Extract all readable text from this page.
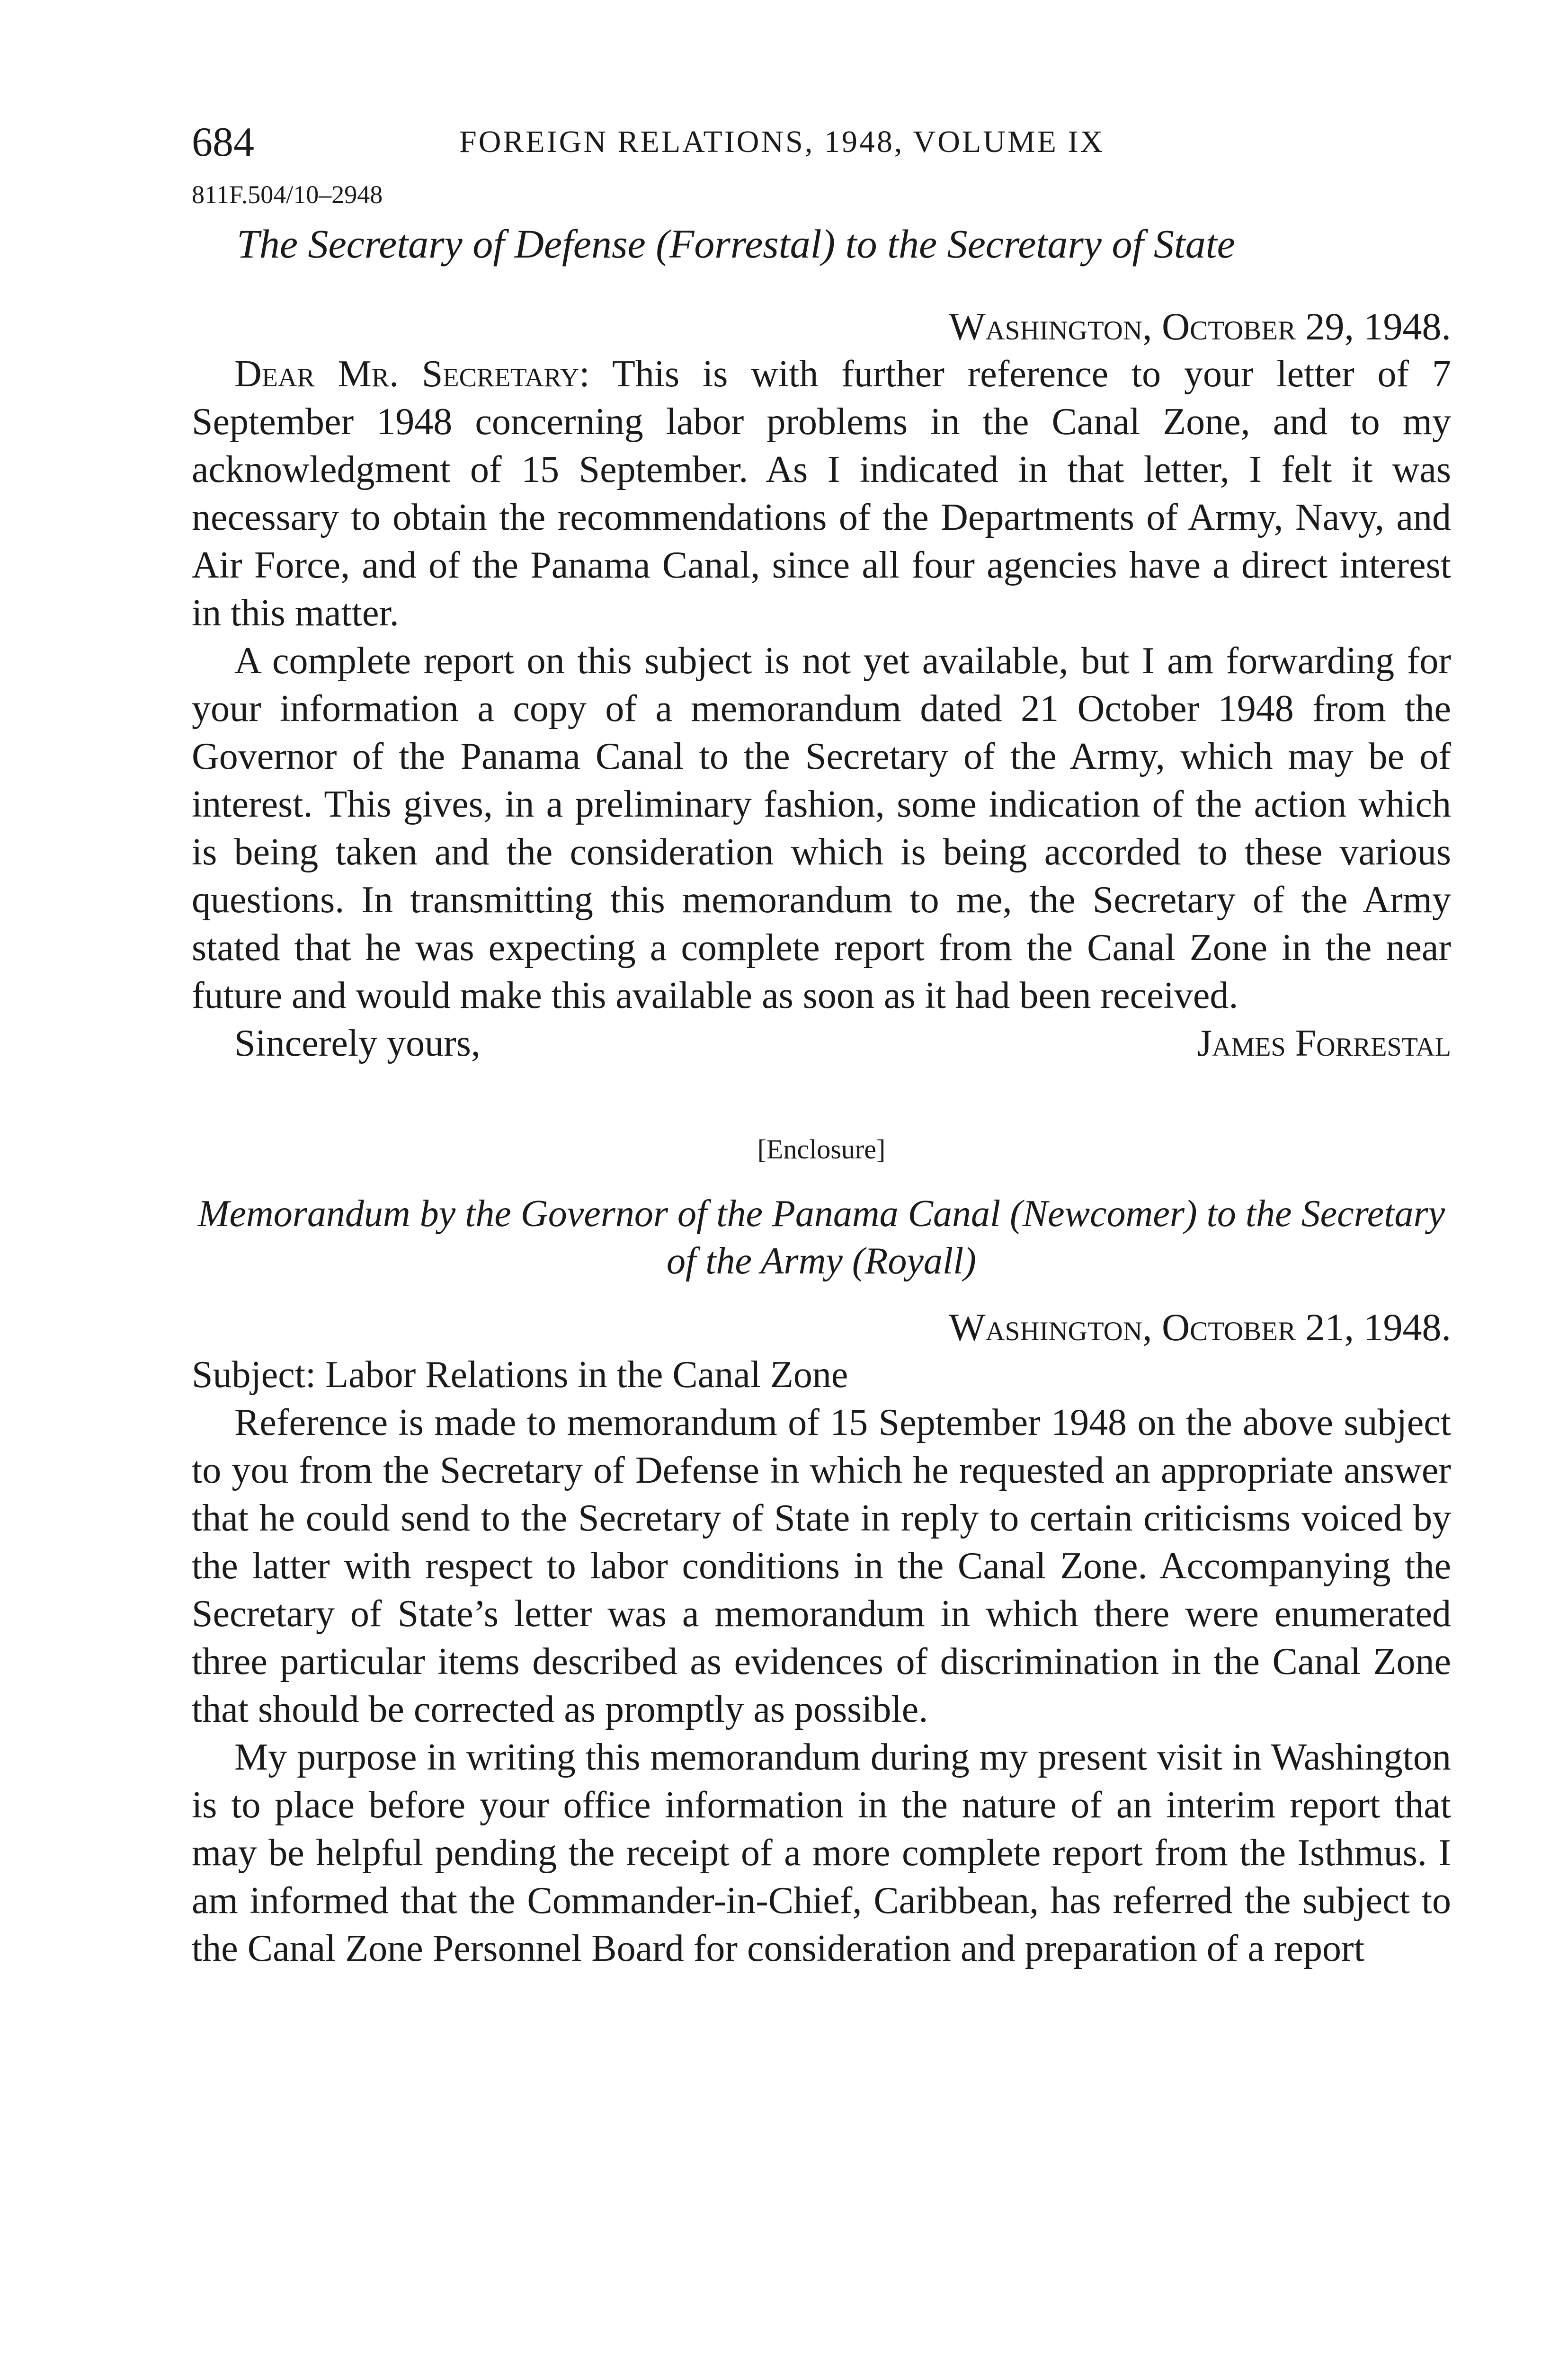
684	FOREIGN RELATIONS, 1948, VOLUME IX
811F.504/10–2948
The Secretary of Defense (Forrestal) to the Secretary of State
Washington, October 29, 1948.

Dear Mr. Secretary: This is with further reference to your letter of 7 September 1948 concerning labor problems in the Canal Zone, and to my acknowledgment of 15 September. As I indicated in that letter, I felt it was necessary to obtain the recommendations of the Departments of Army, Navy, and Air Force, and of the Panama Canal, since all four agencies have a direct interest in this matter.

A complete report on this subject is not yet available, but I am forwarding for your information a copy of a memorandum dated 21 October 1948 from the Governor of the Panama Canal to the Secretary of the Army, which may be of interest. This gives, in a preliminary fashion, some indication of the action which is being taken and the consideration which is being accorded to these various questions. In transmitting this memorandum to me, the Secretary of the Army stated that he was expecting a complete report from the Canal Zone in the near future and would make this available as soon as it had been received.

Sincerely yours,	James Forrestal
[Enclosure]

Memorandum by the Governor of the Panama Canal (Newcomer) to the Secretary of the Army (Royall)

Washington, October 21, 1948.
Subject: Labor Relations in the Canal Zone

Reference is made to memorandum of 15 September 1948 on the above subject to you from the Secretary of Defense in which he requested an appropriate answer that he could send to the Secretary of State in reply to certain criticisms voiced by the latter with respect to labor conditions in the Canal Zone. Accompanying the Secretary of State’s letter was a memorandum in which there were enumerated three particular items described as evidences of discrimination in the Canal Zone that should be corrected as promptly as possible.

My purpose in writing this memorandum during my present visit in Washington is to place before your office information in the nature of an interim report that may be helpful pending the receipt of a more complete report from the Isthmus. I am informed that the Commander-in-Chief, Caribbean, has referred the subject to the Canal Zone Personnel Board for consideration and preparation of a report
